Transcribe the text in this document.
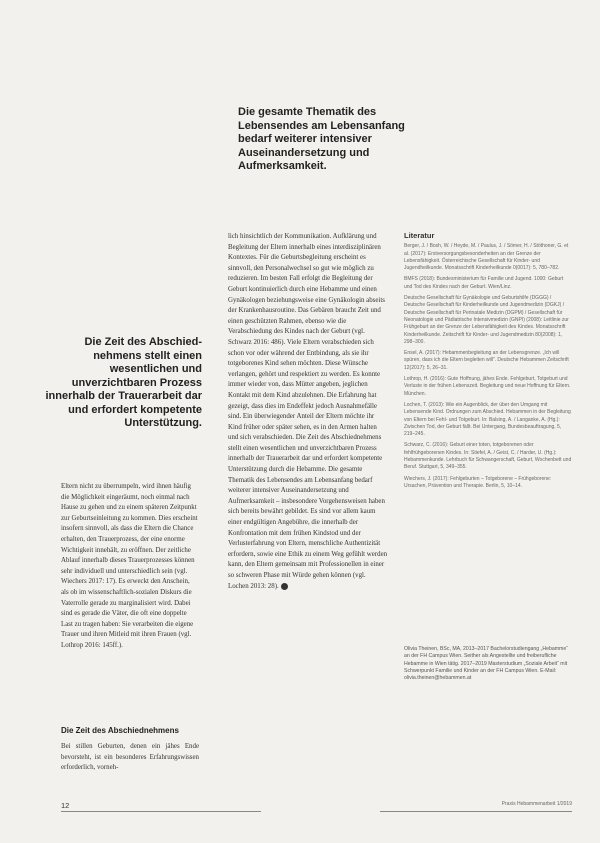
Die gesamte Thematik des Lebensendes am Lebensanfang bedarf weiterer intensiver Auseinandersetzung und Aufmerksamkeit.
Die Zeit des Abschied-nehmens stellt einen wesentlichen und unverzichtbaren Prozess innerhalb der Trauerarbeit dar und erfordert kompetente Unterstützung.

Eltern nicht zu überrumpeln, wird ihnen häufig die Möglichkeit eingeräumt, noch einmal nach Hause zu gehen und zu einem späteren Zeitpunkt zur Geburtseinleitung zu kommen. Dies erscheint insofern sinnvoll, als dass die Eltern die Chance erhalten, den Trauerprozess, der eine enorme Wichtigkeit innehält, zu eröffnen. Der zeitliche Ablauf innerhalb dieses Trauerprozesses können sehr individuell und unterschiedlich sein (vgl. Wiechers 2017: 17). Es erweckt den Anschein, als ob im wissenschaftlich-sozialen Diskurs die Vaterrolle gerade zu marginalisiert wird. Dabei sind es gerade die Väter, die oft eine doppelte Last zu tragen haben: Sie verarbeiten die eigene Trauer und ihren Mitleid mit ihren Frauen (vgl. Lothrop 2016: 145ff.).

Die Zeit des Abschiednehmens

Bei stillen Geburten, denen ein jähes Ende bevorsteht, ist ein besonderes Erfahrungswissen erforderlich, vorneh-

lich hinsichtlich der Kommunikation. Aufklärung und Begleitung der Eltern innerhalb eines interdisziplinären Kontextes. Für die Geburtsbegleitung erscheint es sinnvoll, den Personalwechsel so gut wie möglich zu reduzieren. Im besten Fall erfolgt die Begleitung der Geburt kontinuierlich durch eine Hebamme und einen Gynäkologen beziehungsweise eine Gynäkologin abseits der Krankenhausroutine. Das Gebären braucht Zeit und einen geschützten Rahmen, ebenso wie die Verabschiedung des Kindes nach der Geburt (vgl. Schwarz 2016: 486). Viele Eltern verabschieden sich schon vor oder während der Entbindung, als sie ihr totgeborenes Kind sehen möchten. Diese Wünsche verlangen, gehört und respektiert zu werden. Es konnte immer wieder von, dass Mütter angeben, jeglichen Kontakt mit dem Kind abzulehnen. Die Erfahrung hat gezeigt, dass dies im Endeffekt jedoch Ausnahmefälle sind. Ein überwiegender Anteil der Eltern möchte ihr Kind früher oder später sehen, es in den Armen halten und sich verabschieden. Die Zeit des Abschiednehmens stellt einen wesentlichen und unverzichtbaren Prozess innerhalb der Trauerarbeit dar und erfordert kompetente Unterstützung durch die Hebamme. Die gesamte Thematik des Lebensendes am Lebensanfang bedarf weiterer intensiver Auseinandersetzung und Aufmerksamkeit – insbesondere Vorgehensweisen haben sich bereits bewährt gebildet. Es sind vor allem kaum einer endgültigen Angebühre, die innerhalb der Konfrontation mit dem frühen Kindstod und der Verlusterfahrung von Eltern, menschliche Authentizität erfordern, sowie eine Ethik zu einem Weg gefühlt werden kann, den Eltern gemeinsam mit Professionellen in einer so schweren Phase mit Würde gehen können (vgl. Lochen 2013: 28).

Literatur
Berger, J. / Bosh, W. / Heyde, M. / Paulus, J. / Sömer, H. / Stöthoner, G. et al. (2017): Erstversorgungsbesonderheiten an der Grenze der Lebensfähigkeit. Österreichische Gesellschaft für Kinder- und Jugendheilkunde. Monatsschrift Kinderheilkunde 0(0017): 5, 780–782.
BMFS (2018): Bundesministerium für Familie und Jugend. 1000: Geburt und Tod des Kindes nach der Geburt. Wien/Linz.
Deutsche Gesellschaft für Gynäkologie und Geburtshilfe (DGGG) / Deutsche Gesellschaft für Kinderheilkunde und Jugendmedizin (DGKJ) / Deutsche Gesellschaft für Perinatale Medizin (DGPM) / Gesellschaft für Neonatologie und Pädiatrische Intensivmedizin (GNPI) (2008): Leitlinie zur Frühgeburt an der Grenze der Lebensfähigkeit des Kindes. Monatsschrift Kinderheilkunde. Zeitschrift für Kinder- und Jugendmedizin 80(2008): 1, 298–300.
Ensel, A. (2017): Hebammenbegleitung an der Lebensgrenze. „Ich will spüren, dass ich die Eltern begleiten will“. Deutsche Hebammen Zeitschrift 12(2017): 5, 26–31.
Lothrop, H. (2016): Gute Hoffnung, jähes Ende. Fehlgeburt, Totgeburt und Verluste in der frühen Lebenszeit. Begleitung und neue Hoffnung für Eltern. München.
Lochen, T. (2013): Wie ein Augenblick, der über den Umgang mit Lebensende Kind. Ordnungen zum Abschied. Hebammen in der Begleitung von Eltern bei Fehl- und Totgeburt. In: Balsing, A. / Langanke, A. (Hg.): Zwischen Tod, der Geburt fällt. Bei Untergang, Bundesbeauftragung, 5, 219–245.
Schwarz, C. (2016): Geburt einer toten, totgeborenen oder fehlfrühgeborenen Kindes. In: Stiefel, A. / Geist, C. / Harder, U. (Hg.): Hebammenkunde. Lehrbuch für Schwangerschaft, Geburt, Wochenbett und Beruf. Stuttgart, 5, 349–355.
Wiechers, J. (2017): Fehlgeburten – Totgeborene – Frühgeborene: Ursachen, Prävention und Therapie. Berlin, 5, 10–14.
Olivia Theinen, BSc, MA, 2013–2017 Bachelorstudiengang „Hebamme“ an der FH Campus Wien. Seither als Angestellte und freiberufliche Hebamme in Wien tätig. 2017–2019 Masterstudium „Soziale Arbeit“ mit Schwerpunkt Familie und Kinder an der FH Campus Wien. E-Mail: olivia.theinen@hebammen.at
12	Praxis Hebammenarbeit 1/2019
